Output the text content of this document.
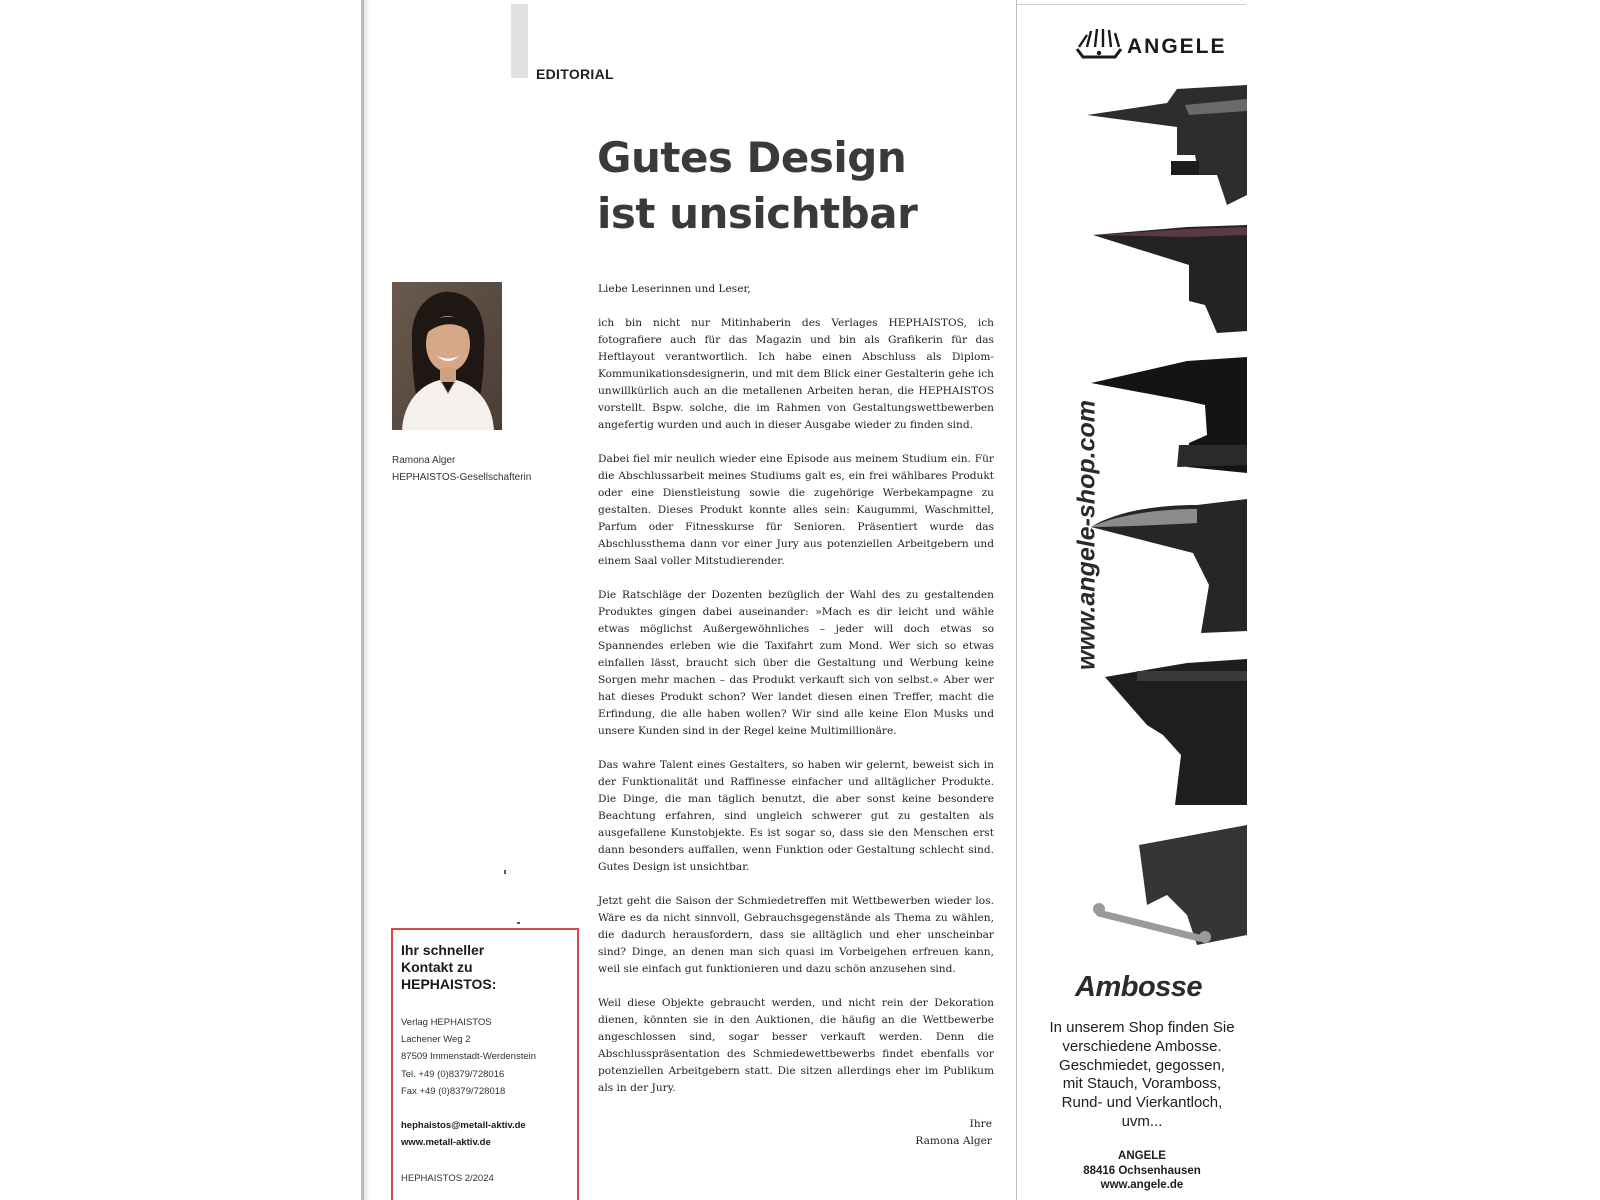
EDITORIAL
Gutes Design
ist unsichtbar
Ramona Alger
HEPHAISTOS-Gesellschafterin

Liebe Leserinnen und Leser,

ich bin nicht nur Mitinhaberin des Verlages HEPHAISTOS, ich fotografiere auch für das Magazin und bin als Grafikerin für das Heftlayout verantwortlich. Ich habe einen Abschluss als Diplom-Kommunikationsdesignerin, und mit dem Blick einer Gestalterin gehe ich unwillkürlich auch an die metallenen Arbeiten heran, die HEPHAISTOS vorstellt. Bspw. solche, die im Rahmen von Gestaltungswettbewerben angefertig wurden und auch in dieser Ausgabe wieder zu finden sind.

Dabei fiel mir neulich wieder eine Episode aus meinem Studium ein. Für die Abschlussarbeit meines Studiums galt es, ein frei wählbares Produkt oder eine Dienstleistung sowie die zugehörige Werbekampagne zu gestalten. Dieses Produkt konnte alles sein: Kaugummi, Waschmittel, Parfum oder Fitnesskurse für Senioren. Präsentiert wurde das Abschlussthema dann vor einer Jury aus potenziellen Arbeitgebern und einem Saal voller Mitstudierender.

Die Ratschläge der Dozenten bezüglich der Wahl des zu gestaltenden Produktes gingen dabei auseinander: »Mach es dir leicht und wähle etwas möglichst Außergewöhnliches – jeder will doch etwas so Spannendes erleben wie die Taxifahrt zum Mond. Wer sich so etwas einfallen lässt, braucht sich über die Gestaltung und Werbung keine Sorgen mehr machen – das Produkt verkauft sich von selbst.« Aber wer hat dieses Produkt schon? Wer landet diesen einen Treffer, macht die Erfindung, die alle haben wollen? Wir sind alle keine Elon Musks und unsere Kunden sind in der Regel keine Multimillionäre.

Das wahre Talent eines Gestalters, so haben wir gelernt, beweist sich in der Funktionalität und Raffinesse einfacher und alltäglicher Produkte. Die Dinge, die man täglich benutzt, die aber sonst keine besondere Beachtung erfahren, sind ungleich schwerer gut zu gestalten als ausgefallene Kunstobjekte. Es ist sogar so, dass sie den Menschen erst dann besonders auffallen, wenn Funktion oder Gestaltung schlecht sind. Gutes Design ist unsichtbar.

Jetzt geht die Saison der Schmiedetreffen mit Wettbewerben wieder los. Wäre es da nicht sinnvoll, Gebrauchsgegenstände als Thema zu wählen, die dadurch herausfordern, dass sie alltäglich und eher unscheinbar sind? Dinge, an denen man sich quasi im Vorbeigehen erfreuen kann, weil sie einfach gut funktionieren und dazu schön anzusehen sind.

Weil diese Objekte gebraucht werden, und nicht rein der Dekoration dienen, könnten sie in den Auktionen, die häufig an die Wettbewerbe angeschlossen sind, sogar besser verkauft werden. Denn die Abschlusspräsentation des Schmiedewettbewerbs findet ebenfalls vor potenziellen Arbeitgebern statt. Die sitzen allerdings eher im Publikum als in der Jury.

Ihre
Ramona Alger
Ihr schneller
Kontakt zu
HEPHAISTOS:
Verlag HEPHAISTOS
Lachener Weg 2
87509 Immenstadt-Werdenstein
Tel. +49 (0)8379/728016
Fax +49 (0)8379/728018
hephaistos@metall-aktiv.de
www.metall-aktiv.de
HEPHAISTOS 2/2024
ANGELE
www.angele-shop.com
Ambosse
In unserem Shop finden Sie
verschiedene Ambosse.
Geschmiedet, gegossen,
mit Stauch, Voramboss,
Rund- und Vierkantloch,
uvm...
ANGELE
88416 Ochsenhausen
www.angele.de
